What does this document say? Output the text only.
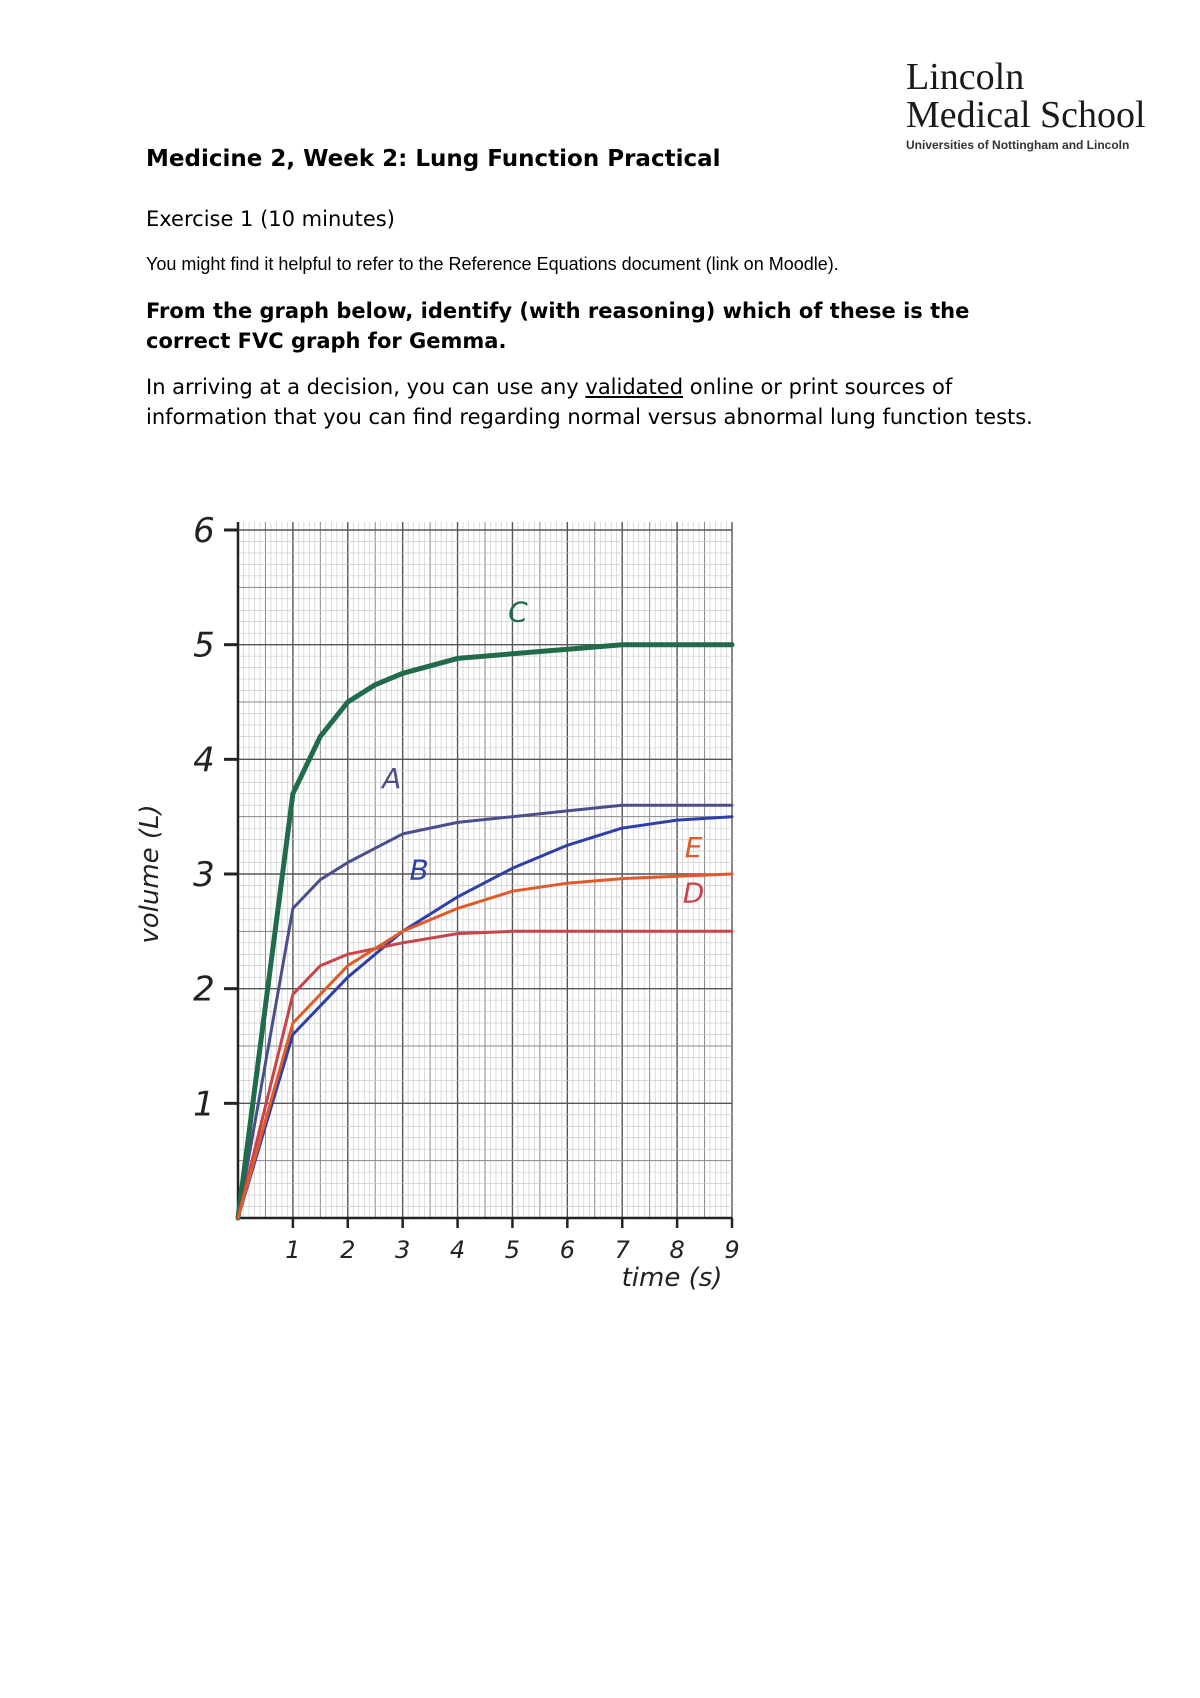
Lincoln
Medical School
Universities of Nottingham and Lincoln
Medicine 2, Week 2: Lung Function Practical
Exercise 1 (10 minutes)
You might find it helpful to refer to the Reference Equations document (link on Moodle).
From the graph below, identify (with reasoning) which of these is the correct FVC graph for Gemma.
In arriving at a decision, you can use any validated online or print sources of information that you can find regarding normal versus abnormal lung function tests.
1
2
3
4
5
6
1 2 3 4 5 6 7 8 9
time (s)
volume (L)
A
B
C
D
E
